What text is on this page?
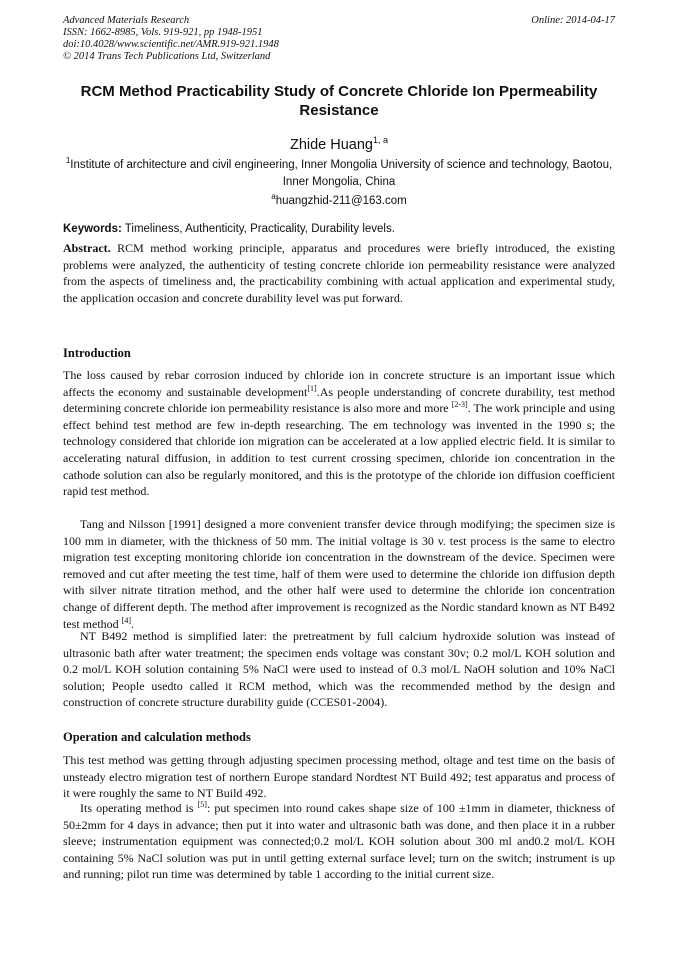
Advanced Materials Research
ISSN: 1662-8985, Vols. 919-921, pp 1948-1951
doi:10.4028/www.scientific.net/AMR.919-921.1948
© 2014 Trans Tech Publications Ltd, Switzerland
Online: 2014-04-17
RCM Method Practicability Study of Concrete Chloride Ion Ppermeability Resistance
Zhide Huang$^{1, a}$
$^1$Institute of architecture and civil engineering, Inner Mongolia University of science and technology, Baotou, Inner Mongolia, China
$^a$huangzhid-211@163.com
Keywords: Timeliness, Authenticity, Practicality, Durability levels.
Abstract. RCM method working principle, apparatus and procedures were briefly introduced, the existing problems were analyzed, the authenticity of testing concrete chloride ion permeability resistance were analyzed from the aspects of timeliness and, the practicability combining with actual application and experimental study, the application occasion and concrete durability level was put forward.
Introduction
The loss caused by rebar corrosion induced by chloride ion in concrete structure is an important issue which affects the economy and sustainable development[1].As people understanding of concrete durability, test method determining concrete chloride ion permeability resistance is also more and more [2-3]. The work principle and using effect behind test method are few in-depth researching. The em technology was invented in the 1990 s; the technology considered that chloride ion migration can be accelerated at a low applied electric field. It is similar to accelerating natural diffusion, in addition to test current crossing specimen, chloride ion concentration in the cathode solution can also be regularly monitored, and this is the prototype of the chloride ion diffusion coefficient rapid test method.
Tang and Nilsson [1991] designed a more convenient transfer device through modifying; the specimen size is 100 mm in diameter, with the thickness of 50 mm. The initial voltage is 30 v. test process is the same to electro migration test excepting monitoring chloride ion concentration in the downstream of the device. Specimen were removed and cut after meeting the test time, half of them were used to determine the chloride ion diffusion depth with silver nitrate titration method, and the other half were used to determine the chloride ion concentration change of different depth. The method after improvement is recognized as the Nordic standard known as NT B492 test method [4].
NT B492 method is simplified later: the pretreatment by full calcium hydroxide solution was instead of ultrasonic bath after water treatment; the specimen ends voltage was constant 30v; 0.2 mol/L KOH solution and 0.2 mol/L KOH solution containing 5% NaCl were used to instead of 0.3 mol/L NaOH solution and 10% NaCl solution; People usedto called it RCM method, which was the recommended method by the design and construction of concrete structure durability guide (CCES01-2004).
Operation and calculation methods
This test method was getting through adjusting specimen processing method, oltage and test time on the basis of unsteady electro migration test of northern Europe standard Nordtest NT Build 492; test apparatus and process of it were roughly the same to NT Build 492.
Its operating method is [5]: put specimen into round cakes shape size of 100 ±1mm in diameter, thickness of 50±2mm for 4 days in advance; then put it into water and ultrasonic bath was done, and then place it in a rubber sleeve; instrumentation equipment was connected;0.2 mol/L KOH solution about 300 ml and0.2 mol/L KOH containing 5% NaCl solution was put in until getting external surface level; turn on the switch; instrument is up and running; pilot run time was determined by table 1 according to the initial current size.
